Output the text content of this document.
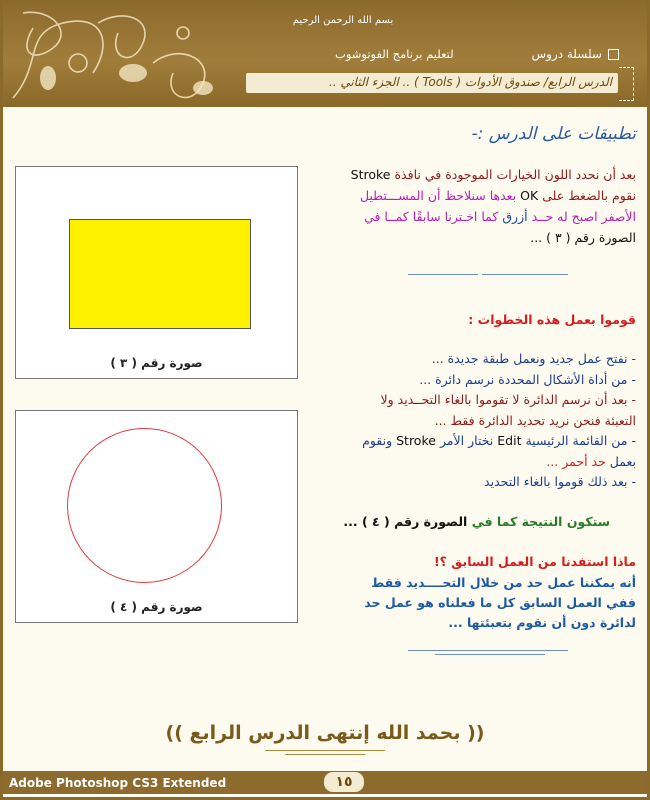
بسم الله الرحمن الرحيم
سلسلة دروس
لتعليم برنامج الفوتوشوب
الدرس الرابع/ صندوق الأدوات ( Tools ) .. الجزء الثاني ..
تطبيقات على الدرس :-
صورة رقم ( ٣ )
بعد أن نحدد اللون الخيارات الموجودة في نافذة Stroke
نقوم بالضغط على OK بعدها سنلاحظ أن المســـتطيل
الأصفر اصبح له حــد أزرق كما اخـترنا سابقًا كمــا في
الصورة رقم ( ٣ ) ...
قوموا بعمل هذه الخطوات :

- نفتح عمل جديد ونعمل طبقة جديدة ...

- من أداة الأشكال المحددة نرسم دائرة ...

- بعد أن نرسم الدائرة لا تقوموا بالغاء التحــديد ولا

التعبئة فنحن نريد تحديد الدائرة فقط ...

- من القائمة الرئيسية Edit نختار الأمر Stroke ونقوم

بعمل حد أحمر ...

- بعد ذلك قوموا بالغاء التحديد

صورة رقم ( ٤ )
ستكون النتيجة كما في الصورة رقم ( ٤ ) ...
ماذا استفدنا من العمل السابق ؟!
أنه يمكننا عمل حد من خلال التحــــديد فقط
ففي العمل السابق كل ما فعلناه هو عمل حد
لدائرة دون أن نقوم بتعبئتها ...
(( بحمد الله إنتهى الدرس الرابع ))
Adobe Photoshop CS3 Extended	١٥
